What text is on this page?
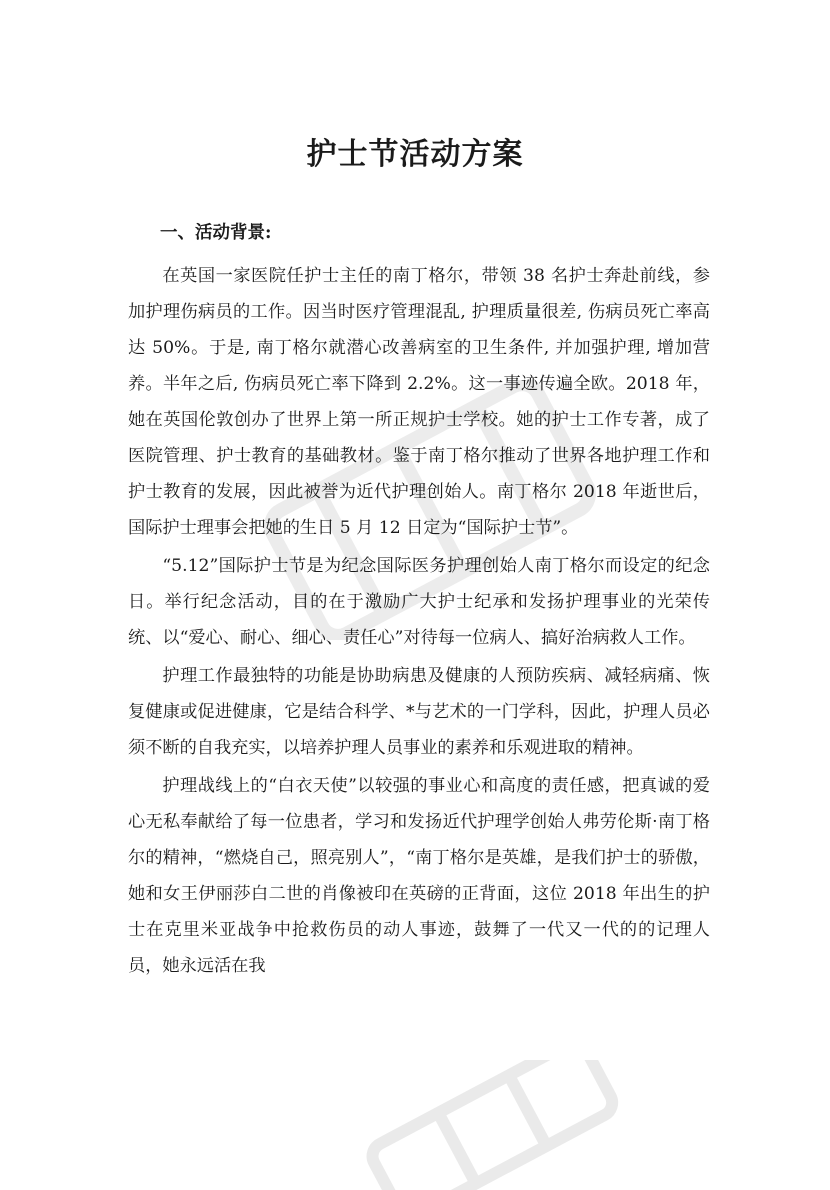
护士节活动方案
一、活动背景:

在英国一家医院任护士主任的南丁格尔，带领 38 名护士奔赴前线，参加护理伤病员的工作。因当时医疗管理混乱, 护理质量很差, 伤病员死亡率高达 50%。于是, 南丁格尔就潜心改善病室的卫生条件, 并加强护理, 增加营养。半年之后, 伤病员死亡率下降到 2.2%。这一事迹传遍全欧。2018 年，她在英国伦敦创办了世界上第一所正规护士学校。她的护士工作专著，成了医院管理、护士教育的基础教材。鉴于南丁格尔推动了世界各地护理工作和护士教育的发展，因此被誉为近代护理创始人。南丁格尔 2018 年逝世后，国际护士理事会把她的生日 5 月 12 日定为“国际护士节”。

“5.12”国际护士节是为纪念国际医务护理创始人南丁格尔而设定的纪念日。举行纪念活动，目的在于激励广大护士纪承和发扬护理事业的光荣传统、以“爱心、耐心、细心、责任心”对待每一位病人、搞好治病救人工作。

护理工作最独特的功能是协助病患及健康的人预防疾病、减轻病痛、恢复健康或促进健康，它是结合科学、*与艺术的一门学科，因此，护理人员必须不断的自我充实，以培养护理人员事业的素养和乐观进取的精神。

护理战线上的“白衣天使”以较强的事业心和高度的责任感，把真诚的爱心无私奉献给了每一位患者，学习和发扬近代护理学创始人弗劳伦斯·南丁格尔的精神，“燃烧自己，照亮别人”，“南丁格尔是英雄，是我们护士的骄傲，她和女王伊丽莎白二世的肖像被印在英磅的正背面，这位 2018 年出生的护士在克里米亚战争中抢救伤员的动人事迹，鼓舞了一代又一代的的记理人员，她永远活在我
